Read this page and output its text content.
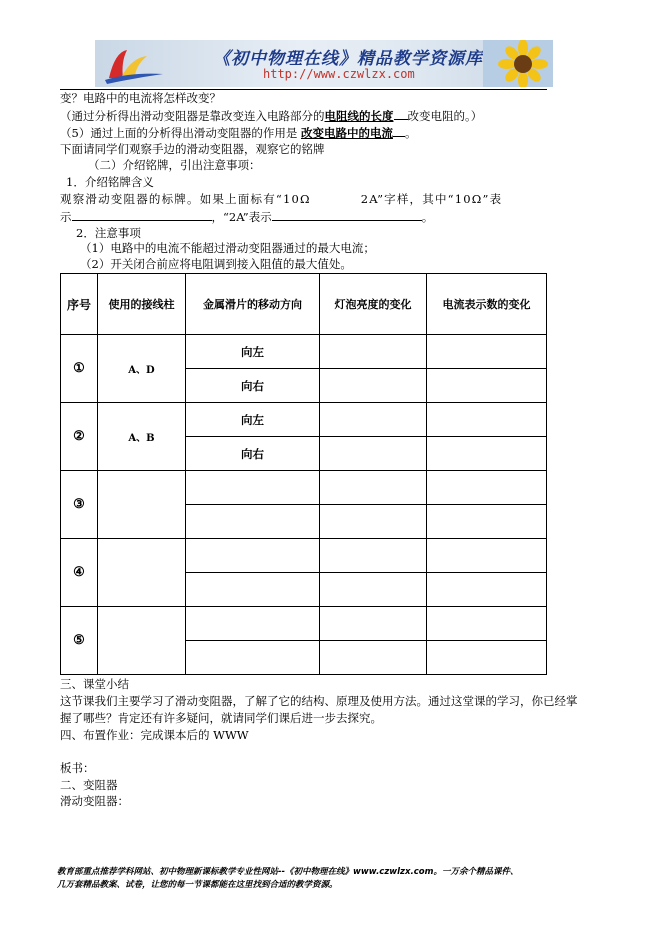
《初中物理在线》精品教学资源库
http://www.czwlzx.com
变？电路中的电流将怎样改变？
（通过分析得出滑动变阻器是靠改变连入电路部分的电阻线的长度 改变电阻的。）
（5）通过上面的分析得出滑动变阻器的作用是 改变电路中的电流 。
下面请同学们观察手边的滑动变阻器，观察它的铭牌
（二）介绍铭牌，引出注意事项：
1．介绍铭牌含义
观察滑动变阻器的标牌。如果上面标有“10Ω	2A”字样，其中“10Ω”表
示	，“2A”表示	。
2．注意事项
（1）电路中的电流不能超过滑动变阻器通过的最大电流；
（2）开关闭合前应将电阻调到接入阻值的最大值处。
序号	使用的接线柱	金属滑片的移动方向	灯泡亮度的变化	电流表示数的变化
①	A、D	向左		
		向右		
②	A、B	向左		
		向右		
③				

④				

⑤				

三、课堂小结
这节课我们主要学习了滑动变阻器，了解了它的结构、原理及使用方法。通过这堂课的学习，你已经掌
握了哪些？肯定还有许多疑问，就请同学们课后进一步去探究。
四、布置作业：完成课本后的 WWW
板书：
二、变阻器
滑动变阻器：
教育部重点推荐学科网站、初中物理新课标教学专业性网站--《初中物理在线》www.czwlzx.com。一万余个精品课件、
几万套精品教案、试卷，让您的每一节课都能在这里找到合适的教学资源。
